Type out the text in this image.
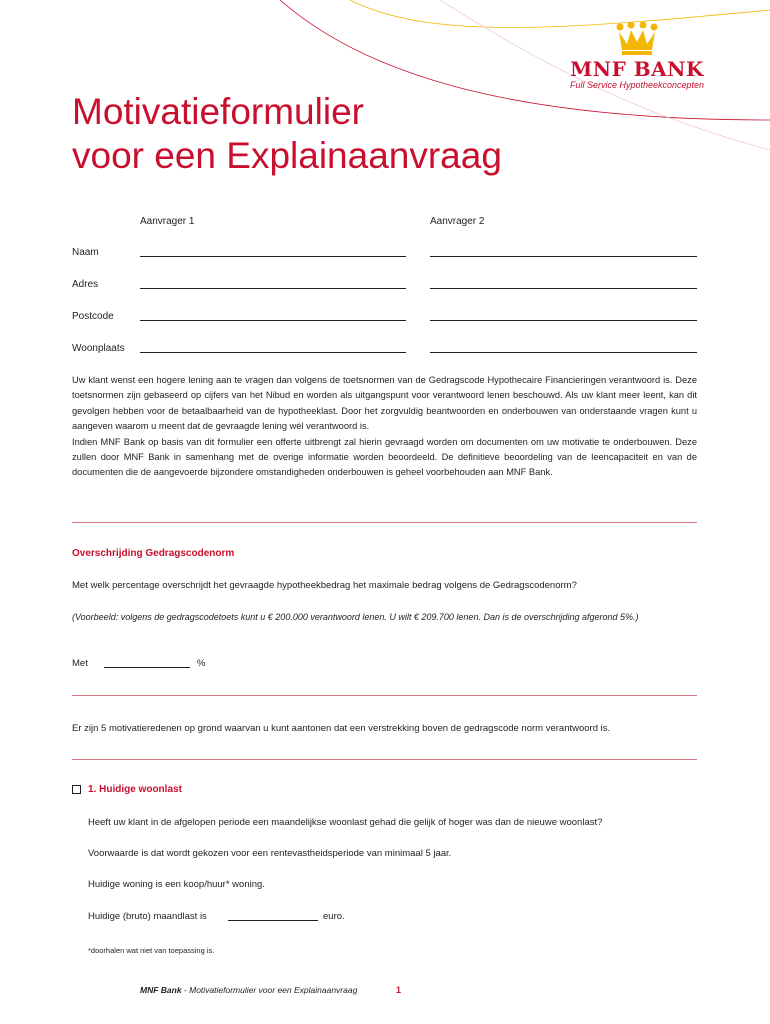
MNF BANK
Full Service Hypotheekconcepten
Motivatieformulier
voor een Explainaanvraag
Aanvrager 1	Aanvrager 2
Naam
Adres
Postcode
Woonplaats

Uw klant wenst een hogere lening aan te vragen dan volgens de toetsnormen van de Gedragscode Hypothecaire Financieringen verantwoord is. Deze toetsnormen zijn gebaseerd op cijfers van het Nibud en worden als uitgangspunt voor verantwoord lenen beschouwd. Als uw klant meer leent, kan dit gevolgen hebben voor de betaalbaarheid van de hypotheeklast. Door het zorgvuldig beantwoorden en onderbouwen van onderstaande vragen kunt u aangeven waarom u meent dat de gevraagde lening wél verantwoord is.

Indien MNF Bank op basis van dit formulier een offerte uitbrengt zal hierin gevraagd worden om documenten om uw motivatie te onderbouwen. Deze zullen door MNF Bank in samenhang met de overige informatie worden beoordeeld. De definitieve beoordeling van de leencapaciteit en van de documenten die de aangevoerde bijzondere omstandigheden onderbouwen is geheel voorbehouden aan MNF Bank.

Overschrijding Gedragscodenorm
Met welk percentage overschrijdt het gevraagde hypotheekbedrag het maximale bedrag volgens de Gedragscodenorm?
(Voorbeeld: volgens de gedragscodetoets kunt u € 200.000 verantwoord lenen. U wilt € 209.700 lenen. Dan is de overschrijding afgerond 5%.)
Met	%
Er zijn 5 motivatieredenen op grond waarvan u kunt aantonen dat een verstrekking boven de gedragscode norm verantwoord is.
1. Huidige woonlast
Heeft uw klant in de afgelopen periode een maandelijkse woonlast gehad die gelijk of hoger was dan de nieuwe woonlast?
Voorwaarde is dat wordt gekozen voor een rentevastheidsperiode van minimaal 5 jaar.
Huidige woning is een koop/huur* woning.
Huidige (bruto) maandlast is	euro.
*doorhalen wat niet van toepassing is.
MNF Bank - Motivatieformulier voor een Explainaanvraag	1
